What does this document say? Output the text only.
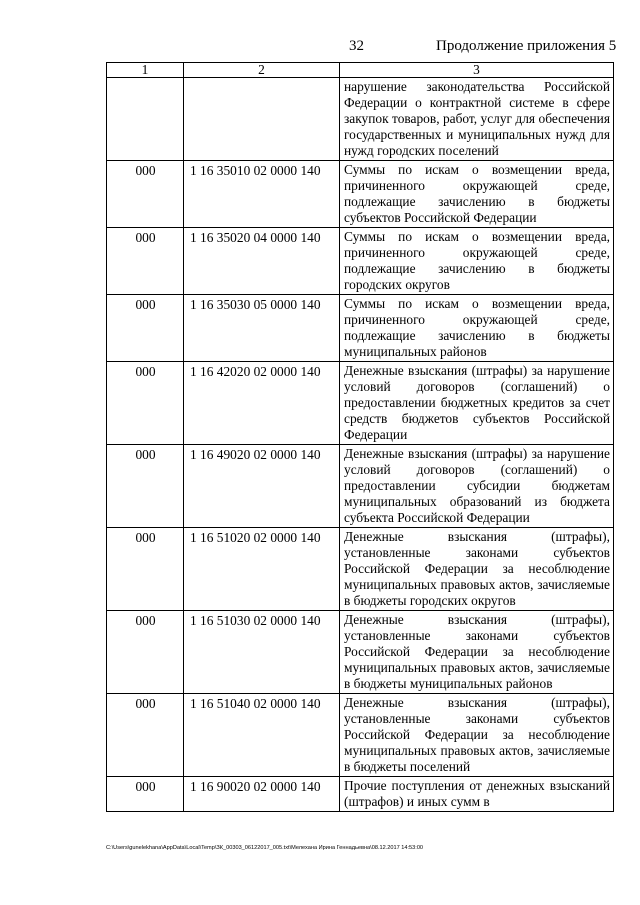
32	Продолжение приложения 5
1	2	3
		нарушение законодательства Российской Федерации о контрактной системе в сфере закупок товаров, работ, услуг для обеспечения государственных и муниципальных нужд для нужд городских поселений
000	1 16 35010 02 0000 140	Суммы по искам о возмещении вреда, причиненного окружающей среде, подлежащие зачислению в бюджеты субъектов Российской Федерации
000	1 16 35020 04 0000 140	Суммы по искам о возмещении вреда, причиненного окружающей среде, подлежащие зачислению в бюджеты городских округов
000	1 16 35030 05 0000 140	Суммы по искам о возмещении вреда, причиненного окружающей среде, подлежащие зачислению в бюджеты муниципальных районов
000	1 16 42020 02 0000 140	Денежные взыскания (штрафы) за нарушение условий договоров (соглашений) о предоставлении бюджетных кредитов за счет средств бюджетов субъектов Российской Федерации
000	1 16 49020 02 0000 140	Денежные взыскания (штрафы) за нарушение условий договоров (соглашений) о предоставлении субсидии бюджетам муниципальных образований из бюджета субъекта Российской Федерации
000	1 16 51020 02 0000 140	Денежные взыскания (штрафы), установленные законами субъектов Российской Федерации за несоблюдение муниципальных правовых актов, зачисляемые в бюджеты городских округов
000	1 16 51030 02 0000 140	Денежные взыскания (штрафы), установленные законами субъектов Российской Федерации за несоблюдение муниципальных правовых актов, зачисляемые в бюджеты муниципальных районов
000	1 16 51040 02 0000 140	Денежные взыскания (штрафы), установленные законами субъектов Российской Федерации за несоблюдение муниципальных правовых актов, зачисляемые в бюджеты поселений
000	1 16 90020 02 0000 140	Прочие поступления от денежных взысканий (штрафов) и иных сумм в
C:\Users\gunelekhana\AppData\Local\Temp\ЗК_00303_06122017_005.txt\Мелехана Ирина Геннадьевна\08.12.2017 14:53:00
